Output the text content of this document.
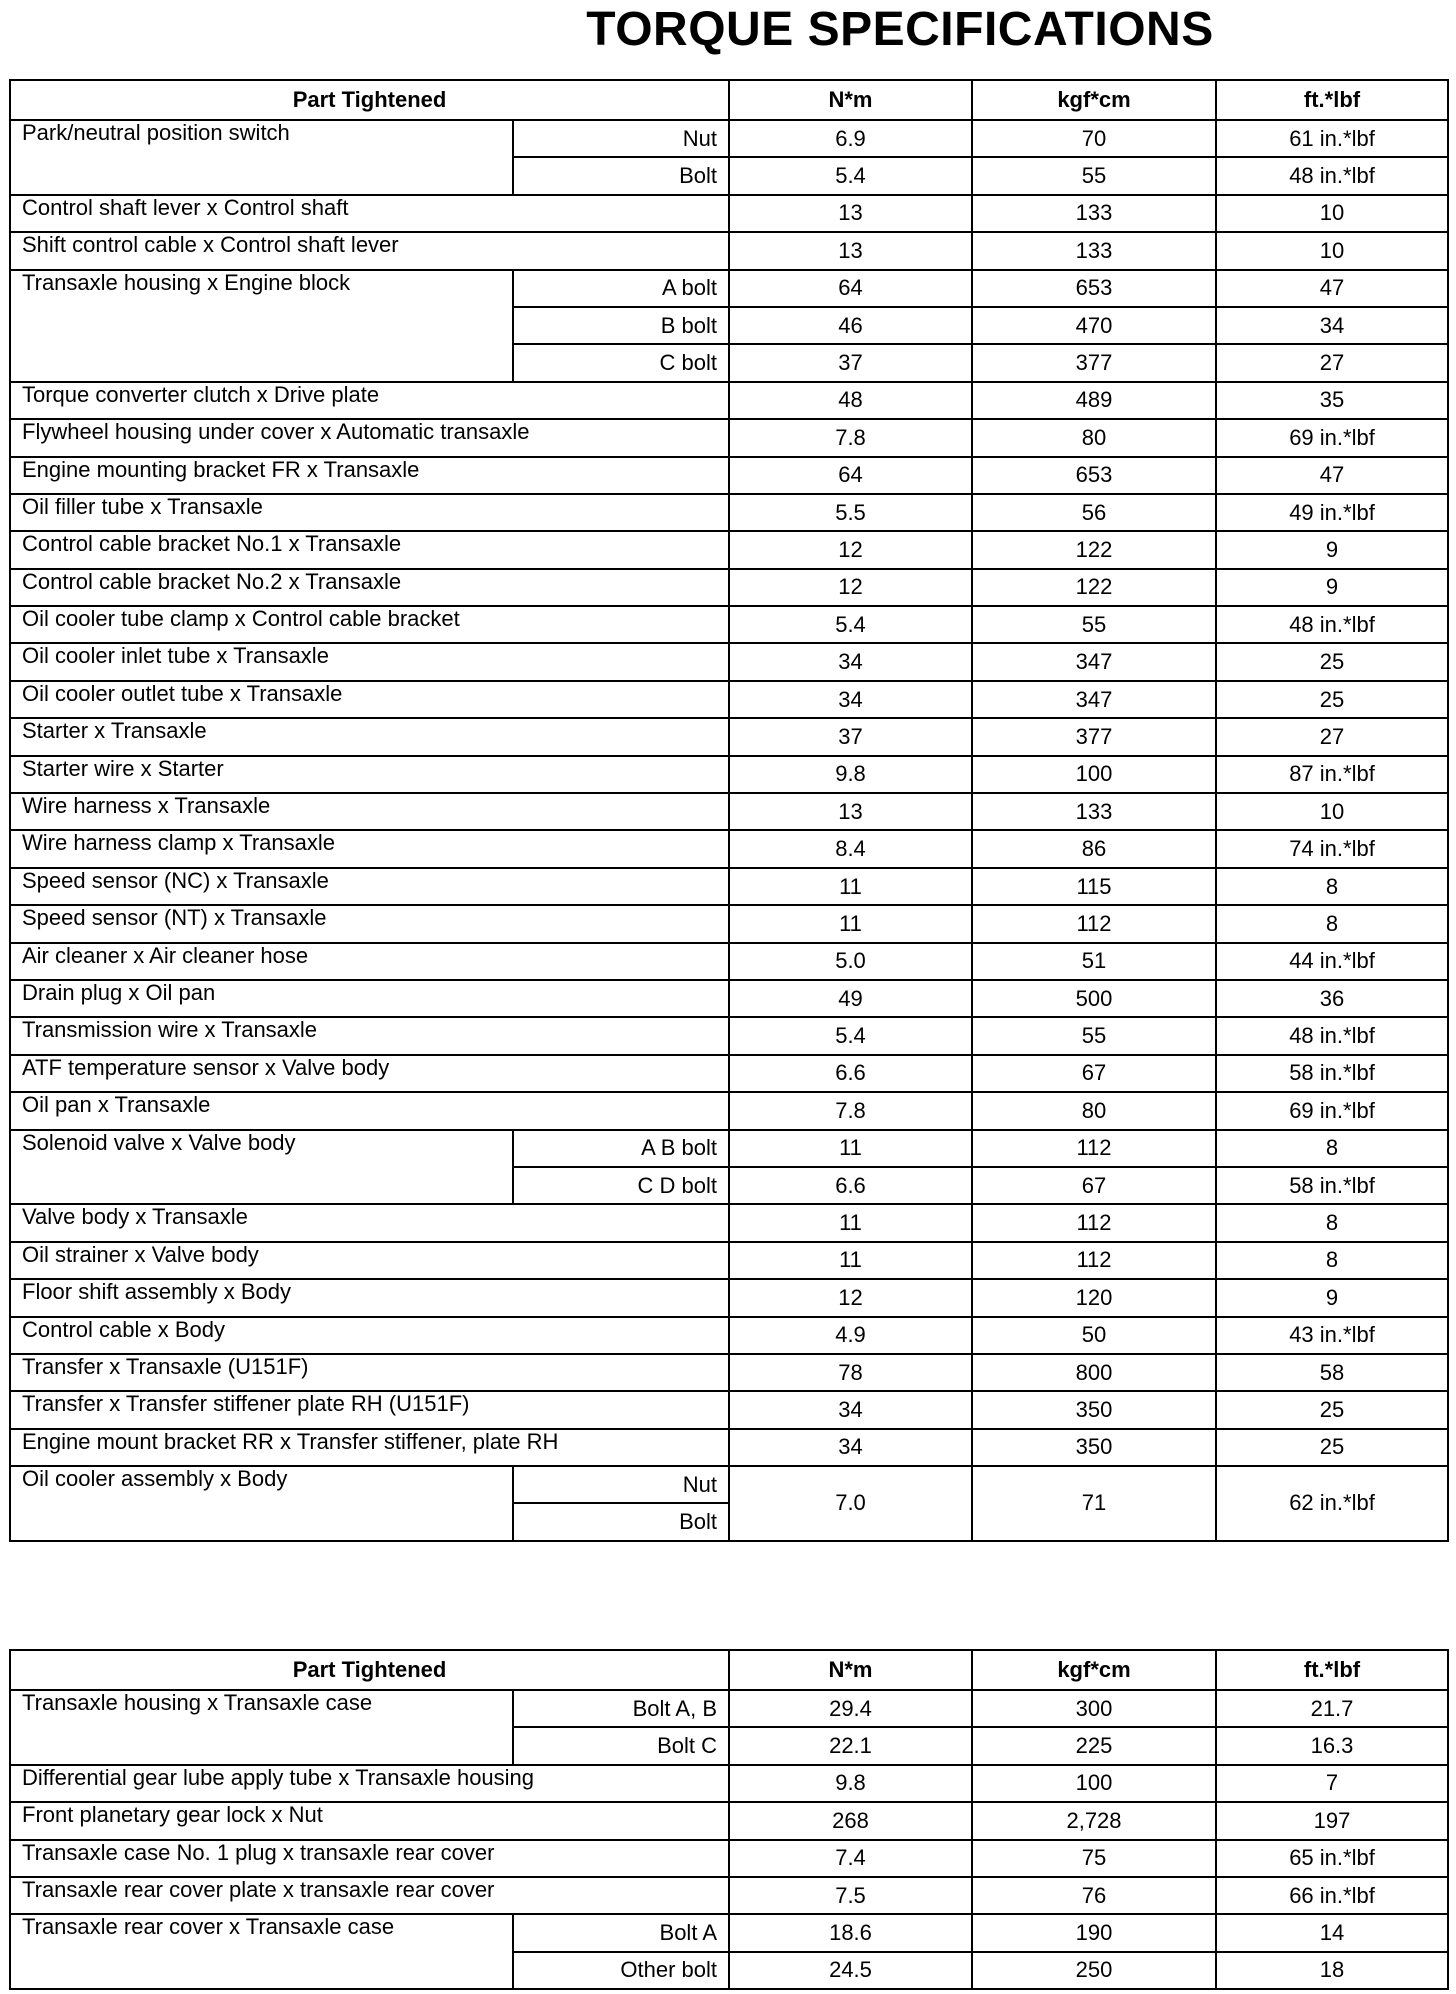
TORQUE SPECIFICATIONS
Part Tightened		N*m	kgf*cm	ft.*lbf
Park/neutral position switch	Nut	6.9	70	61 in.*lbf
	Bolt	5.4	55	48 in.*lbf
Control shaft lever x Control shaft		13	133	10
Shift control cable x Control shaft lever		13	133	10
Transaxle housing x Engine block	A bolt	64	653	47
	B bolt	46	470	34
	C bolt	37	377	27
Torque converter clutch x Drive plate		48	489	35
Flywheel housing under cover x Automatic transaxle		7.8	80	69 in.*lbf
Engine mounting bracket FR x Transaxle		64	653	47
Oil filler tube x Transaxle		5.5	56	49 in.*lbf
Control cable bracket No.1 x Transaxle		12	122	9
Control cable bracket No.2 x Transaxle		12	122	9
Oil cooler tube clamp x Control cable bracket		5.4	55	48 in.*lbf
Oil cooler inlet tube x Transaxle		34	347	25
Oil cooler outlet tube x Transaxle		34	347	25
Starter x Transaxle		37	377	27
Starter wire x Starter		9.8	100	87 in.*lbf
Wire harness x Transaxle		13	133	10
Wire harness clamp x Transaxle		8.4	86	74 in.*lbf
Speed sensor (NC) x Transaxle		11	115	8
Speed sensor (NT) x Transaxle		11	112	8
Air cleaner x Air cleaner hose		5.0	51	44 in.*lbf
Drain plug x Oil pan		49	500	36
Transmission wire x Transaxle		5.4	55	48 in.*lbf
ATF temperature sensor x Valve body		6.6	67	58 in.*lbf
Oil pan x Transaxle		7.8	80	69 in.*lbf
Solenoid valve x Valve body	A B bolt	11	112	8
	C D bolt	6.6	67	58 in.*lbf
Valve body x Transaxle		11	112	8
Oil strainer x Valve body		11	112	8
Floor shift assembly x Body		12	120	9
Control cable x Body		4.9	50	43 in.*lbf
Transfer x Transaxle (U151F)		78	800	58
Transfer x Transfer stiffener plate RH (U151F)		34	350	25
Engine mount bracket RR x Transfer stiffener, plate RH		34	350	25
Oil cooler assembly x Body	Nut	7.0	71	62 in.*lbf
	Bolt			
Part Tightened		N*m	kgf*cm	ft.*lbf
Transaxle housing x Transaxle case	Bolt A, B	29.4	300	21.7
	Bolt C	22.1	225	16.3
Differential gear lube apply tube x Transaxle housing		9.8	100	7
Front planetary gear lock x Nut		268	2,728	197
Transaxle case No. 1 plug x transaxle rear cover		7.4	75	65 in.*lbf
Transaxle rear cover plate x transaxle rear cover		7.5	76	66 in.*lbf
Transaxle rear cover x Transaxle case	Bolt A	18.6	190	14
	Other bolt	24.5	250	18
